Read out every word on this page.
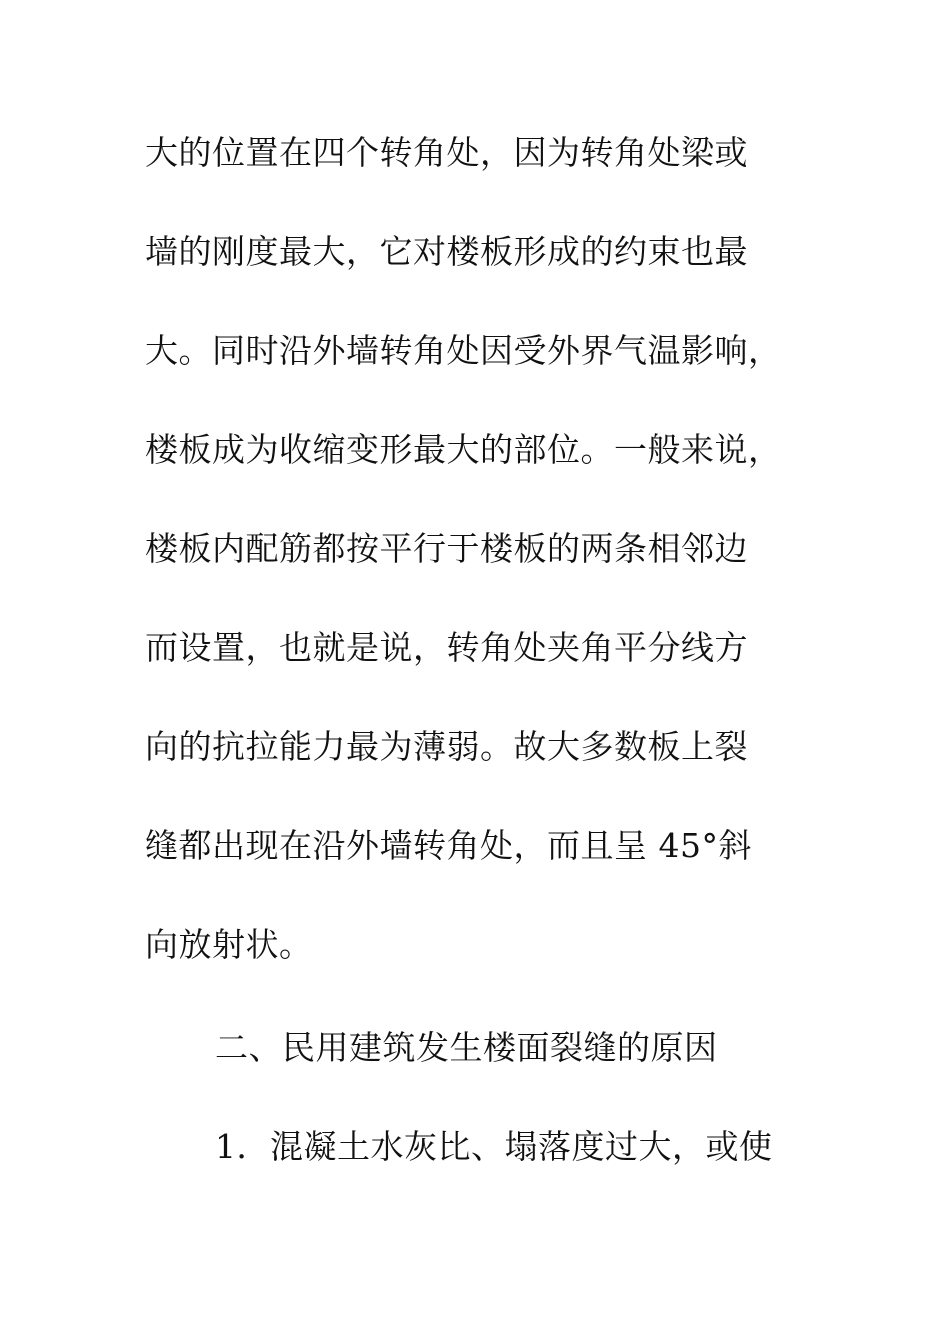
大的位置在四个转角处，因为转角处梁或
墙的刚度最大，它对楼板形成的约束也最
大。同时沿外墙转角处因受外界气温影响，
楼板成为收缩变形最大的部位。一般来说，
楼板内配筋都按平行于楼板的两条相邻边
而设置，也就是说，转角处夹角平分线方
向的抗拉能力最为薄弱。故大多数板上裂
缝都出现在沿外墙转角处，而且呈 45°斜
向放射状。
二、民用建筑发生楼面裂缝的原因
1．混凝土水灰比、塌落度过大，或使
